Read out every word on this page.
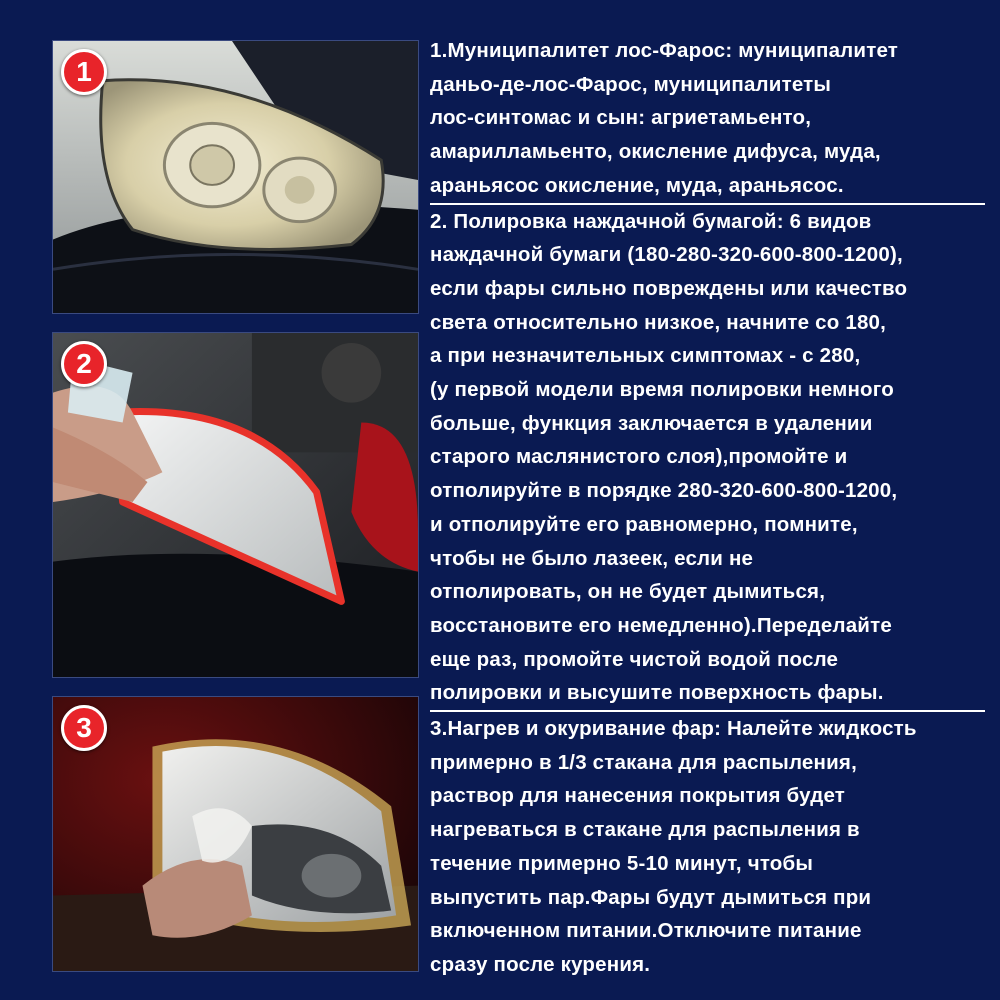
1
2
3
1.Муниципалитет лос-Фарос: муниципалитет
даньо-де-лос-Фарос, муниципалитеты
лос-синтомас и сын: агриетамьенто,
амарилламьенто, окисление дифуса, муда,
араньясос окисление, муда, араньясос.
2. Полировка наждачной бумагой: 6 видов
наждачной бумаги (180-280-320-600-800-1200),
если фары сильно повреждены или качество
света относительно низкое, начните со 180,
а при незначительных симптомах - с 280,
(у первой модели время полировки немного
больше, функция заключается в удалении
старого маслянистого слоя),промойте и
отполируйте в порядке 280-320-600-800-1200,
и отполируйте его равномерно, помните,
чтобы не было лазеек, если не
отполировать, он не будет дымиться,
восстановите его немедленно).Переделайте
еще раз, промойте чистой водой после
полировки и высушите поверхность фары.
3.Нагрев и окуривание фар: Налейте жидкость
примерно в 1/3 стакана для распыления,
раствор для нанесения покрытия будет
нагреваться в стакане для распыления в
течение примерно 5-10 минут, чтобы
выпустить пар.Фары будут дымиться при
включенном питании.Отключите питание
сразу после курения.
